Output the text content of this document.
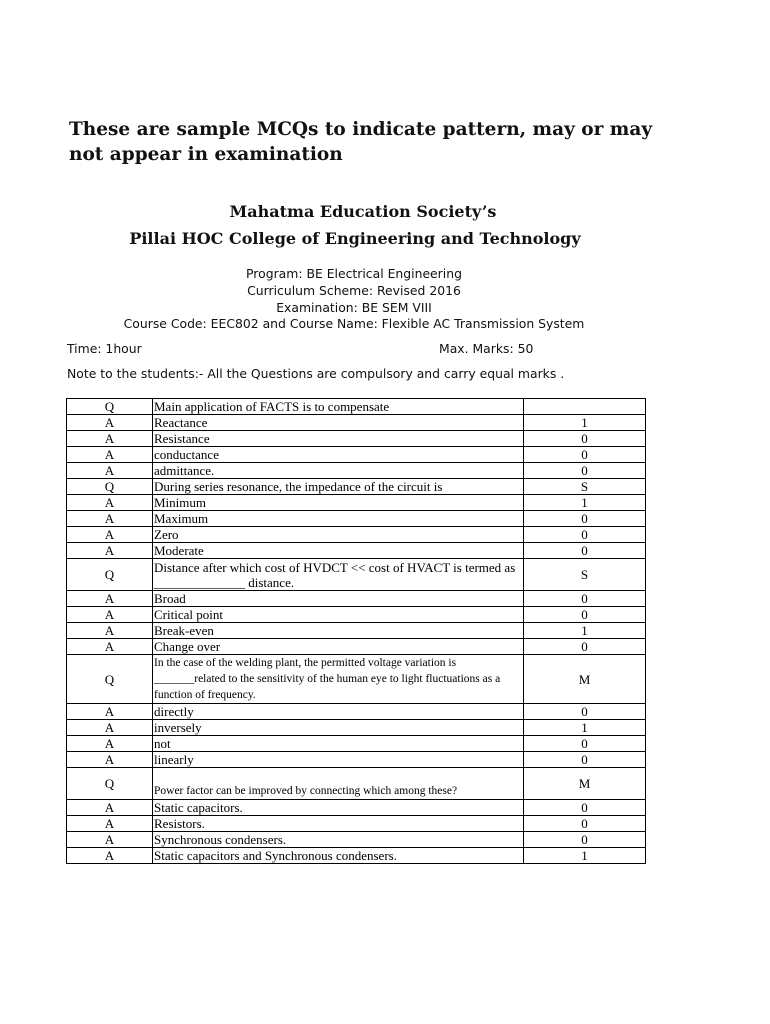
These are sample MCQs to indicate pattern, may or may
not appear in examination

Mahatma Education Society’s

Pillai HOC College of Engineering and Technology

Program: BE Electrical Engineering

Curriculum Scheme: Revised 2016

Examination: BE SEM VIII

Course Code: EEC802 and Course Name: Flexible AC Transmission System

Time: 1hour	Max. Marks: 50

Note to the students:- All the Questions are compulsory and carry equal marks .

Q	Main application of FACTS is to compensate	
A	Reactance	1
A	Resistance	0
A	conductance	0
A	admittance.	0
Q	During series resonance, the impedance of the circuit is	S
A	Minimum	1
A	Maximum	0
A	Zero	0
A	Moderate	0
Q	Distance after which cost of HVDCT << cost of HVACT is termed as ______________ distance.	S
A	Broad	0
A	Critical point	0
A	Break-even	1
A	Change over	0
Q	In the case of the welding plant, the permitted voltage variation is _______related to the sensitivity of the human eye to light fluctuations as a function of frequency.	M
A	directly	0
A	inversely	1
A	not	0
A	linearly	0
Q	Power factor can be improved by connecting which among these?	M
A	Static capacitors.	0
A	Resistors.	0
A	Synchronous condensers.	0
A	Static capacitors and Synchronous condensers.	1
